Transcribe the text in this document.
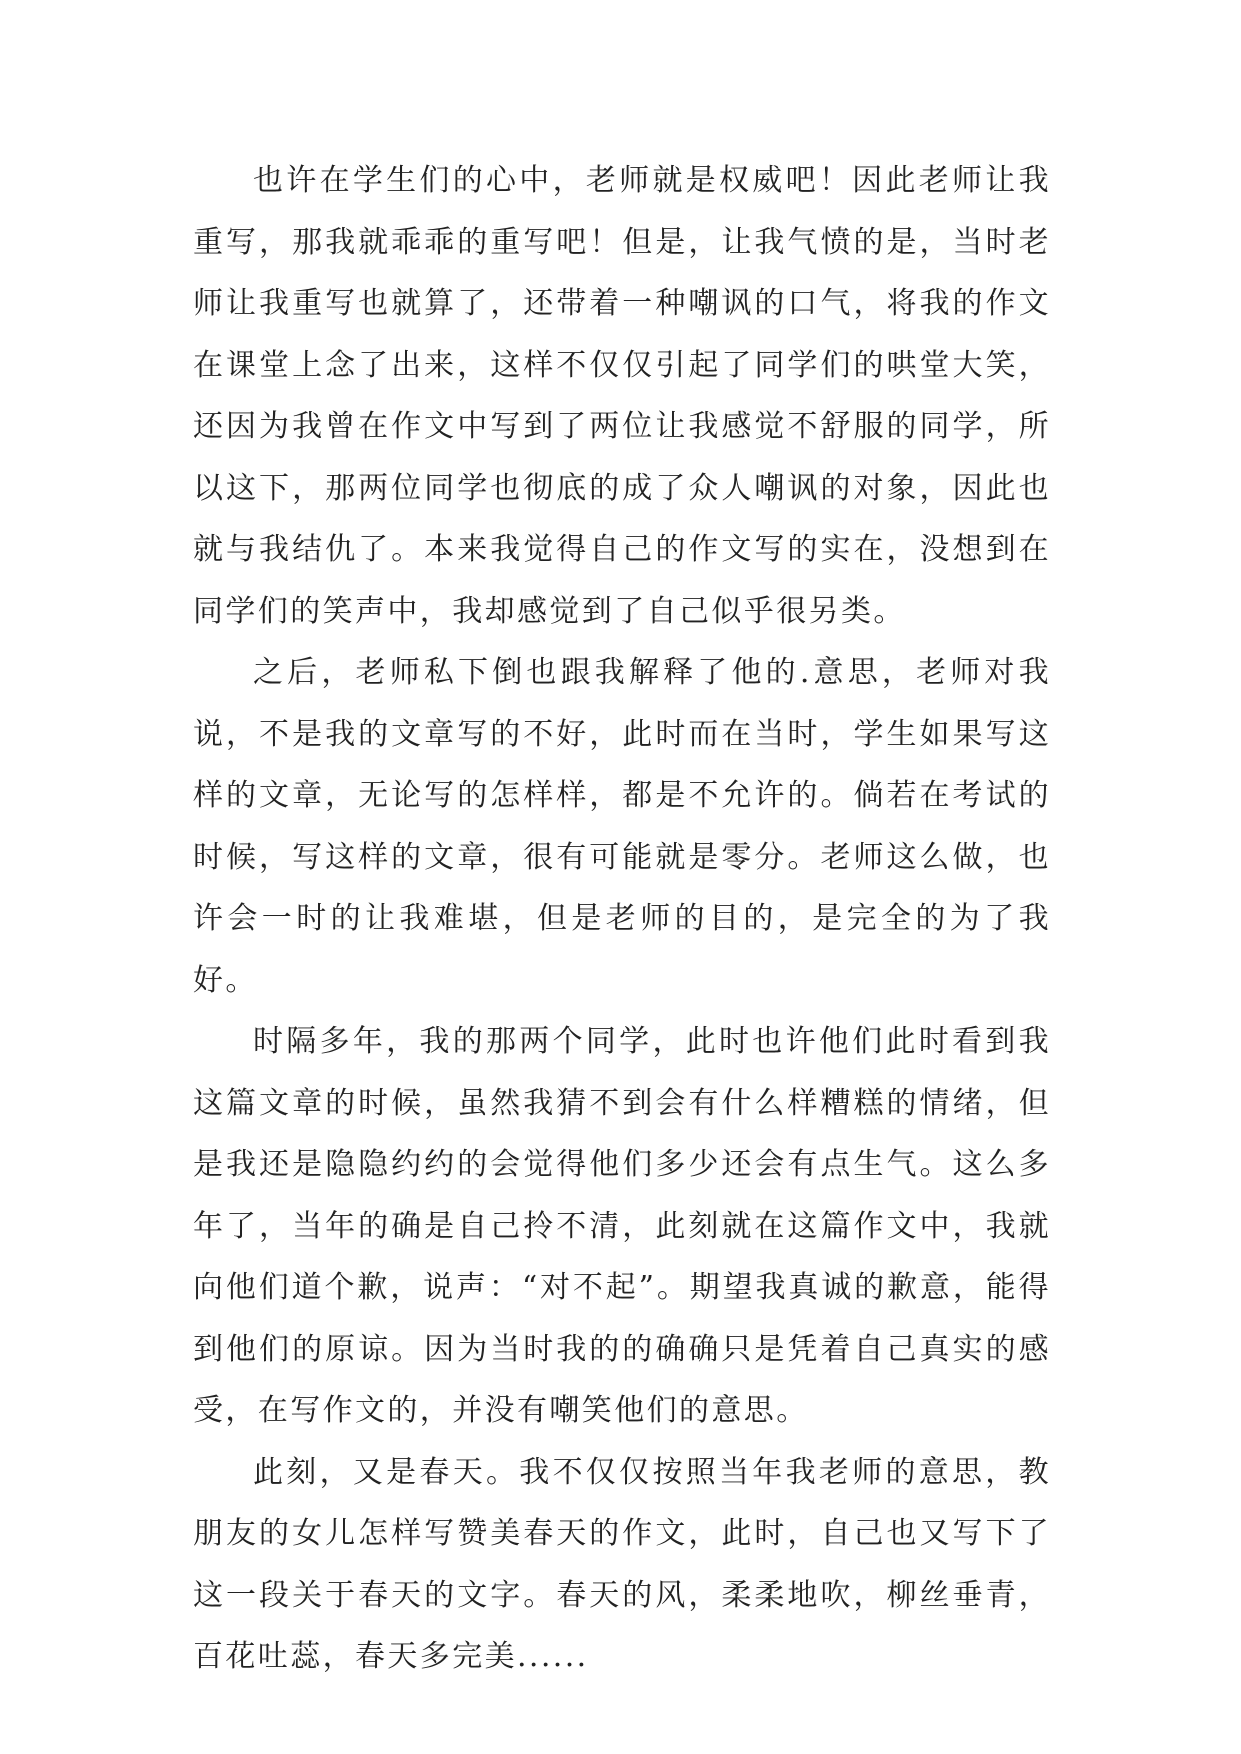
也许在学生们的心中，老师就是权威吧！因此老师让我重写，那我就乖乖的重写吧！但是，让我气愤的是，当时老师让我重写也就算了，还带着一种嘲讽的口气，将我的作文在课堂上念了出来，这样不仅仅引起了同学们的哄堂大笑，还因为我曾在作文中写到了两位让我感觉不舒服的同学，所以这下，那两位同学也彻底的成了众人嘲讽的对象，因此也就与我结仇了。本来我觉得自己的作文写的实在，没想到在同学们的笑声中，我却感觉到了自己似乎很另类。

之后，老师私下倒也跟我解释了他的.意思，老师对我说，不是我的文章写的不好，此时而在当时，学生如果写这样的文章，无论写的怎样样，都是不允许的。倘若在考试的时候，写这样的文章，很有可能就是零分。老师这么做，也许会一时的让我难堪，但是老师的目的，是完全的为了我好。

时隔多年，我的那两个同学，此时也许他们此时看到我这篇文章的时候，虽然我猜不到会有什么样糟糕的情绪，但是我还是隐隐约约的会觉得他们多少还会有点生气。这么多年了，当年的确是自己拎不清，此刻就在这篇作文中，我就向他们道个歉，说声：“对不起”。期望我真诚的歉意，能得到他们的原谅。因为当时我的的确确只是凭着自己真实的感受，在写作文的，并没有嘲笑他们的意思。

此刻，又是春天。我不仅仅按照当年我老师的意思，教朋友的女儿怎样写赞美春天的作文，此时，自己也又写下了这一段关于春天的文字。春天的风，柔柔地吹，柳丝垂青，百花吐蕊，春天多完美......
